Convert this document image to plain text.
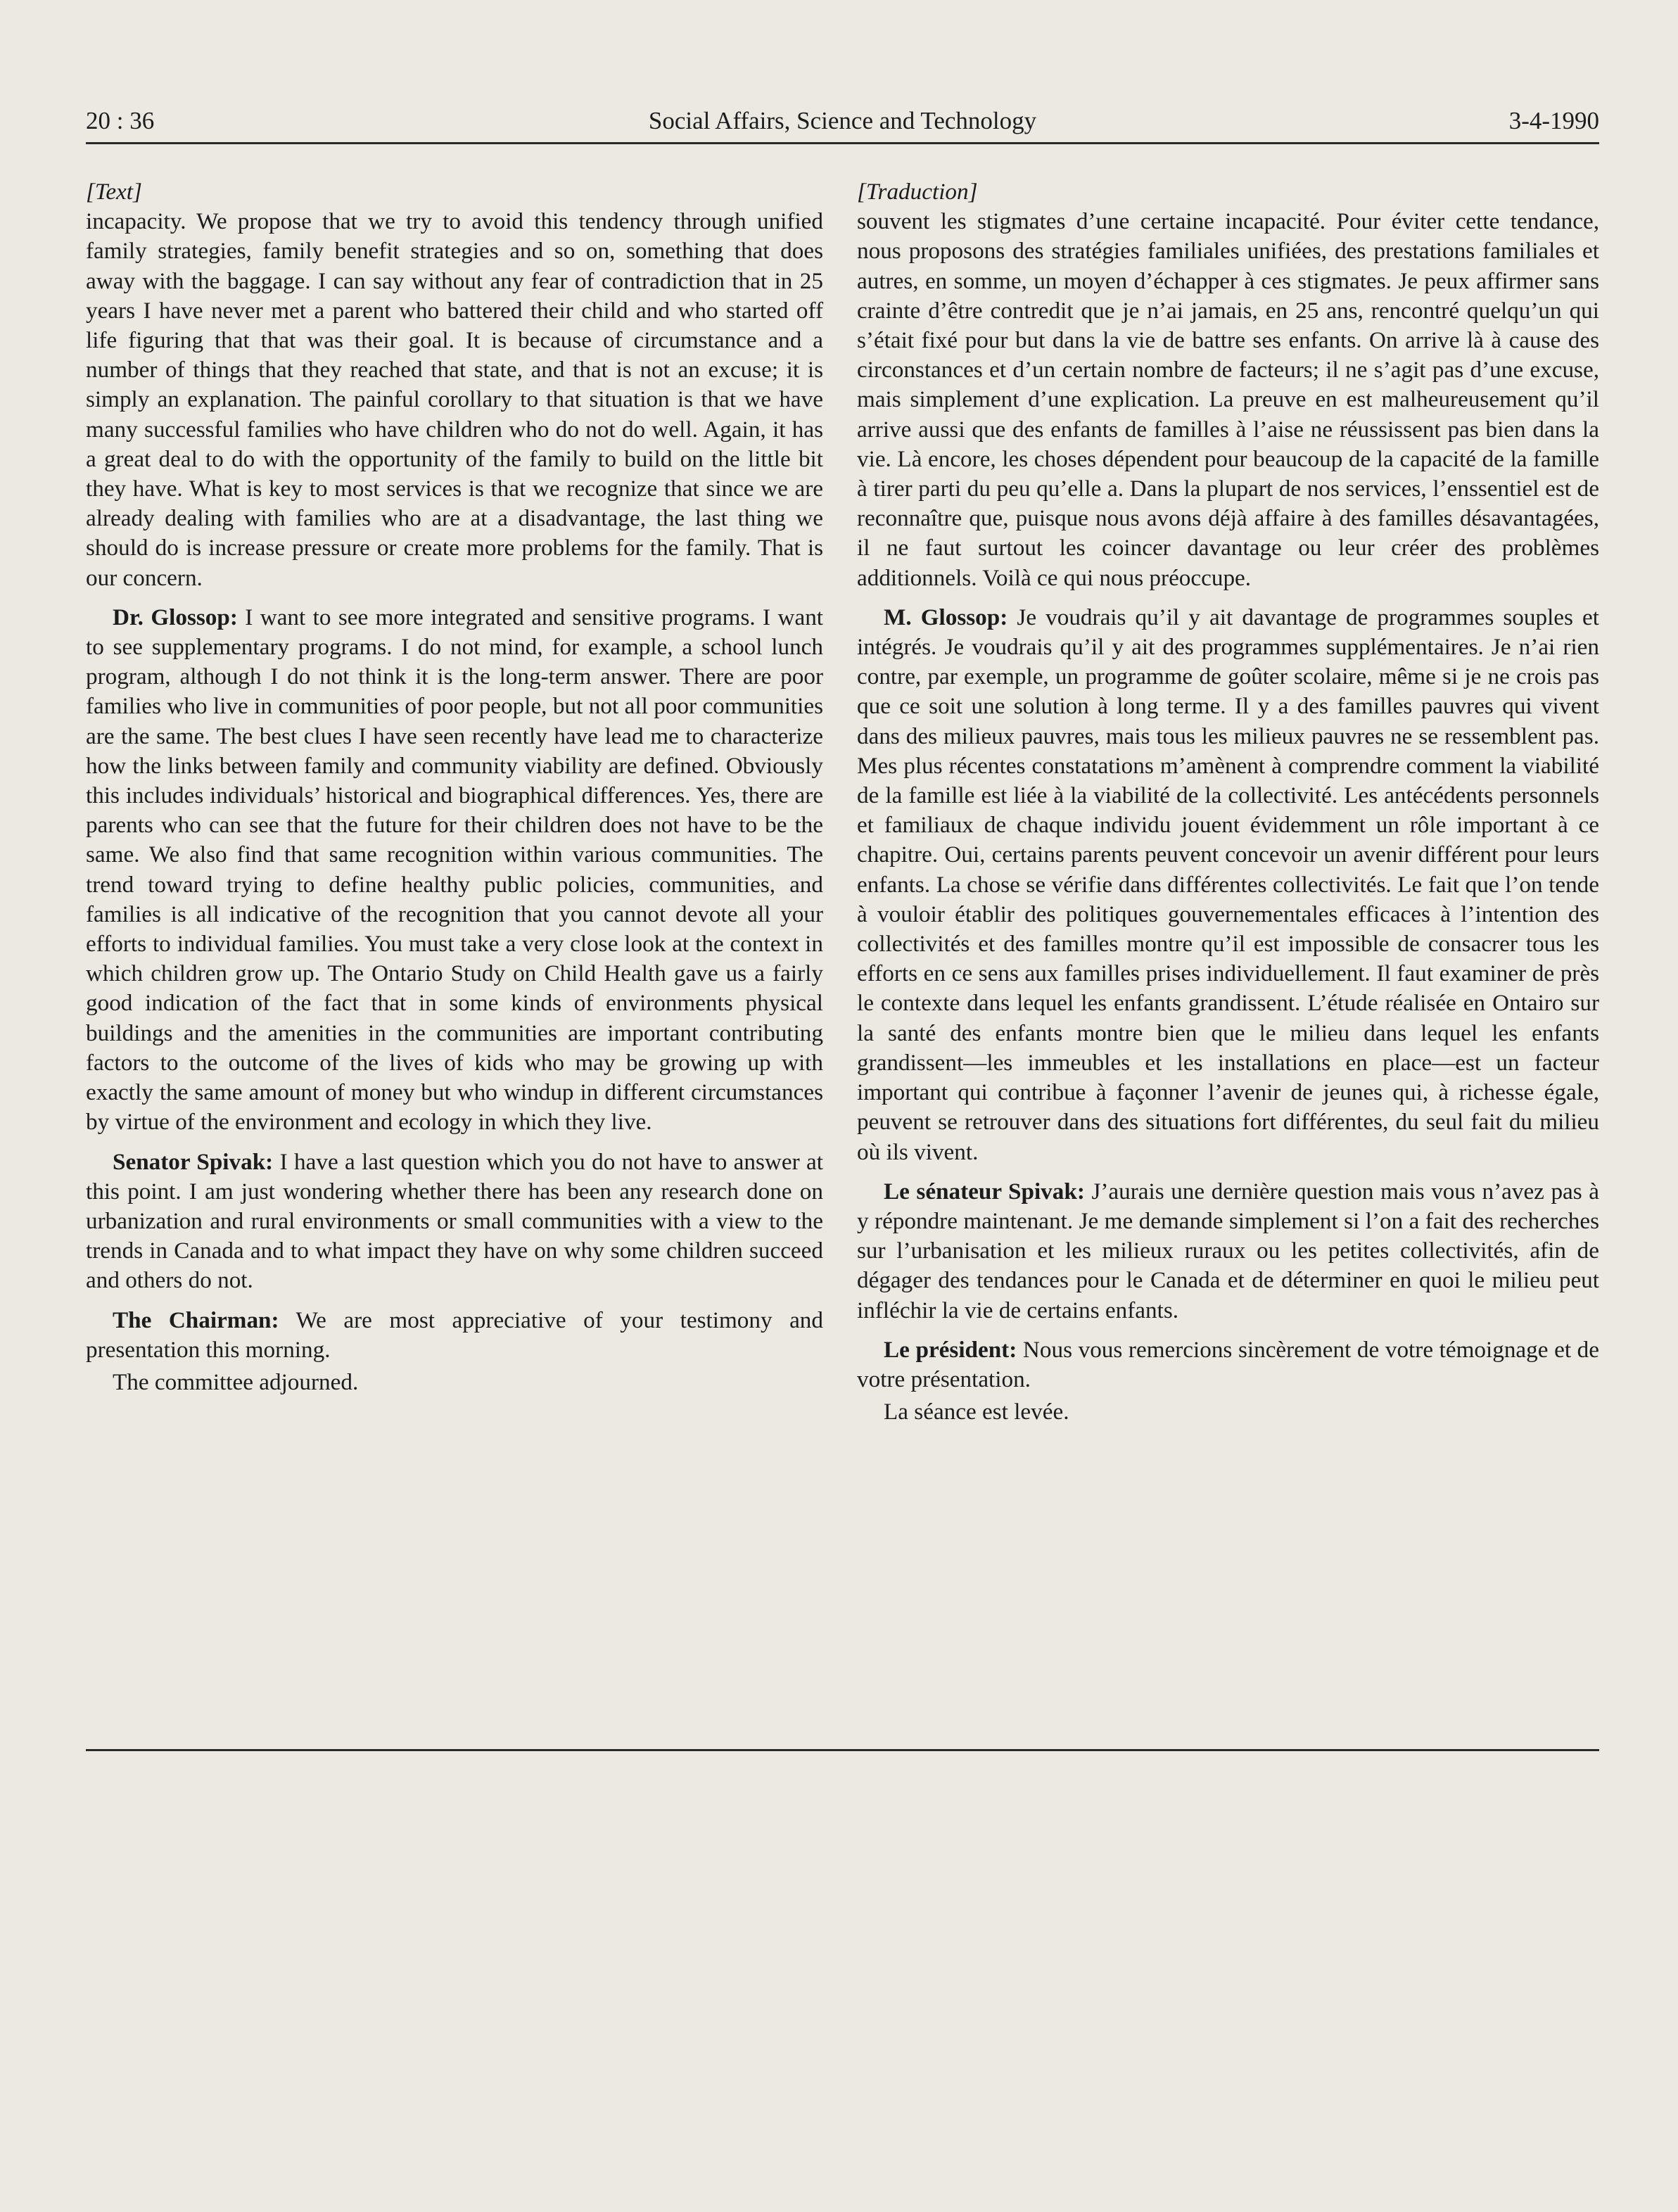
20 : 36	Social Affairs, Science and Technology	3-4-1990

[Text]

incapacity. We propose that we try to avoid this tendency through unified family strategies, family benefit strategies and so on, something that does away with the baggage. I can say without any fear of contradiction that in 25 years I have never met a parent who battered their child and who started off life figuring that that was their goal. It is because of circumstance and a number of things that they reached that state, and that is not an excuse; it is simply an explanation. The painful corollary to that situation is that we have many successful families who have children who do not do well. Again, it has a great deal to do with the opportunity of the family to build on the little bit they have. What is key to most services is that we recognize that since we are already dealing with families who are at a disadvantage, the last thing we should do is increase pressure or create more problems for the family. That is our concern.

Dr. Glossop: I want to see more integrated and sensitive programs. I want to see supplementary programs. I do not mind, for example, a school lunch program, although I do not think it is the long-term answer. There are poor families who live in communities of poor people, but not all poor communities are the same. The best clues I have seen recently have lead me to characterize how the links between family and community viability are defined. Obviously this includes individuals’ historical and biographical differences. Yes, there are parents who can see that the future for their children does not have to be the same. We also find that same recognition within various communities. The trend toward trying to define healthy public policies, communities, and families is all indicative of the recognition that you cannot devote all your efforts to individual families. You must take a very close look at the context in which children grow up. The Ontario Study on Child Health gave us a fairly good indication of the fact that in some kinds of environments physical buildings and the amenities in the communities are important contributing factors to the outcome of the lives of kids who may be growing up with exactly the same amount of money but who windup in different circumstances by virtue of the environment and ecology in which they live.

Senator Spivak: I have a last question which you do not have to answer at this point. I am just wondering whether there has been any research done on urbanization and rural environments or small communities with a view to the trends in Canada and to what impact they have on why some children succeed and others do not.

The Chairman: We are most appreciative of your testimony and presentation this morning.

The committee adjourned.

[Traduction]

souvent les stigmates d’une certaine incapacité. Pour éviter cette tendance, nous proposons des stratégies familiales unifiées, des prestations familiales et autres, en somme, un moyen d’échapper à ces stigmates. Je peux affirmer sans crainte d’être contredit que je n’ai jamais, en 25 ans, rencontré quelqu’un qui s’était fixé pour but dans la vie de battre ses enfants. On arrive là à cause des circonstances et d’un certain nombre de facteurs; il ne s’agit pas d’une excuse, mais simplement d’une explication. La preuve en est malheureusement qu’il arrive aussi que des enfants de familles à l’aise ne réussissent pas bien dans la vie. Là encore, les choses dépendent pour beaucoup de la capacité de la famille à tirer parti du peu qu’elle a. Dans la plupart de nos services, l’enssentiel est de reconnaître que, puisque nous avons déjà affaire à des familles désavantagées, il ne faut surtout les coincer davantage ou leur créer des problèmes additionnels. Voilà ce qui nous préoccupe.

M. Glossop: Je voudrais qu’il y ait davantage de programmes souples et intégrés. Je voudrais qu’il y ait des programmes supplémentaires. Je n’ai rien contre, par exemple, un programme de goûter scolaire, même si je ne crois pas que ce soit une solution à long terme. Il y a des familles pauvres qui vivent dans des milieux pauvres, mais tous les milieux pauvres ne se ressemblent pas. Mes plus récentes constatations m’amènent à comprendre comment la viabilité de la famille est liée à la viabilité de la collectivité. Les antécédents personnels et familiaux de chaque individu jouent évidemment un rôle important à ce chapitre. Oui, certains parents peuvent concevoir un avenir différent pour leurs enfants. La chose se vérifie dans différentes collectivités. Le fait que l’on tende à vouloir établir des politiques gouvernementales efficaces à l’intention des collectivités et des familles montre qu’il est impossible de consacrer tous les efforts en ce sens aux familles prises individuellement. Il faut examiner de près le contexte dans lequel les enfants grandissent. L’étude réalisée en Ontairo sur la santé des enfants montre bien que le milieu dans lequel les enfants grandissent—les immeubles et les installations en place—est un facteur important qui contribue à façonner l’avenir de jeunes qui, à richesse égale, peuvent se retrouver dans des situations fort différentes, du seul fait du milieu où ils vivent.

Le sénateur Spivak: J’aurais une dernière question mais vous n’avez pas à y répondre maintenant. Je me demande simplement si l’on a fait des recherches sur l’urbanisation et les milieux ruraux ou les petites collectivités, afin de dégager des tendances pour le Canada et de déterminer en quoi le milieu peut infléchir la vie de certains enfants.

Le président: Nous vous remercions sincèrement de votre témoignage et de votre présentation.

La séance est levée.
